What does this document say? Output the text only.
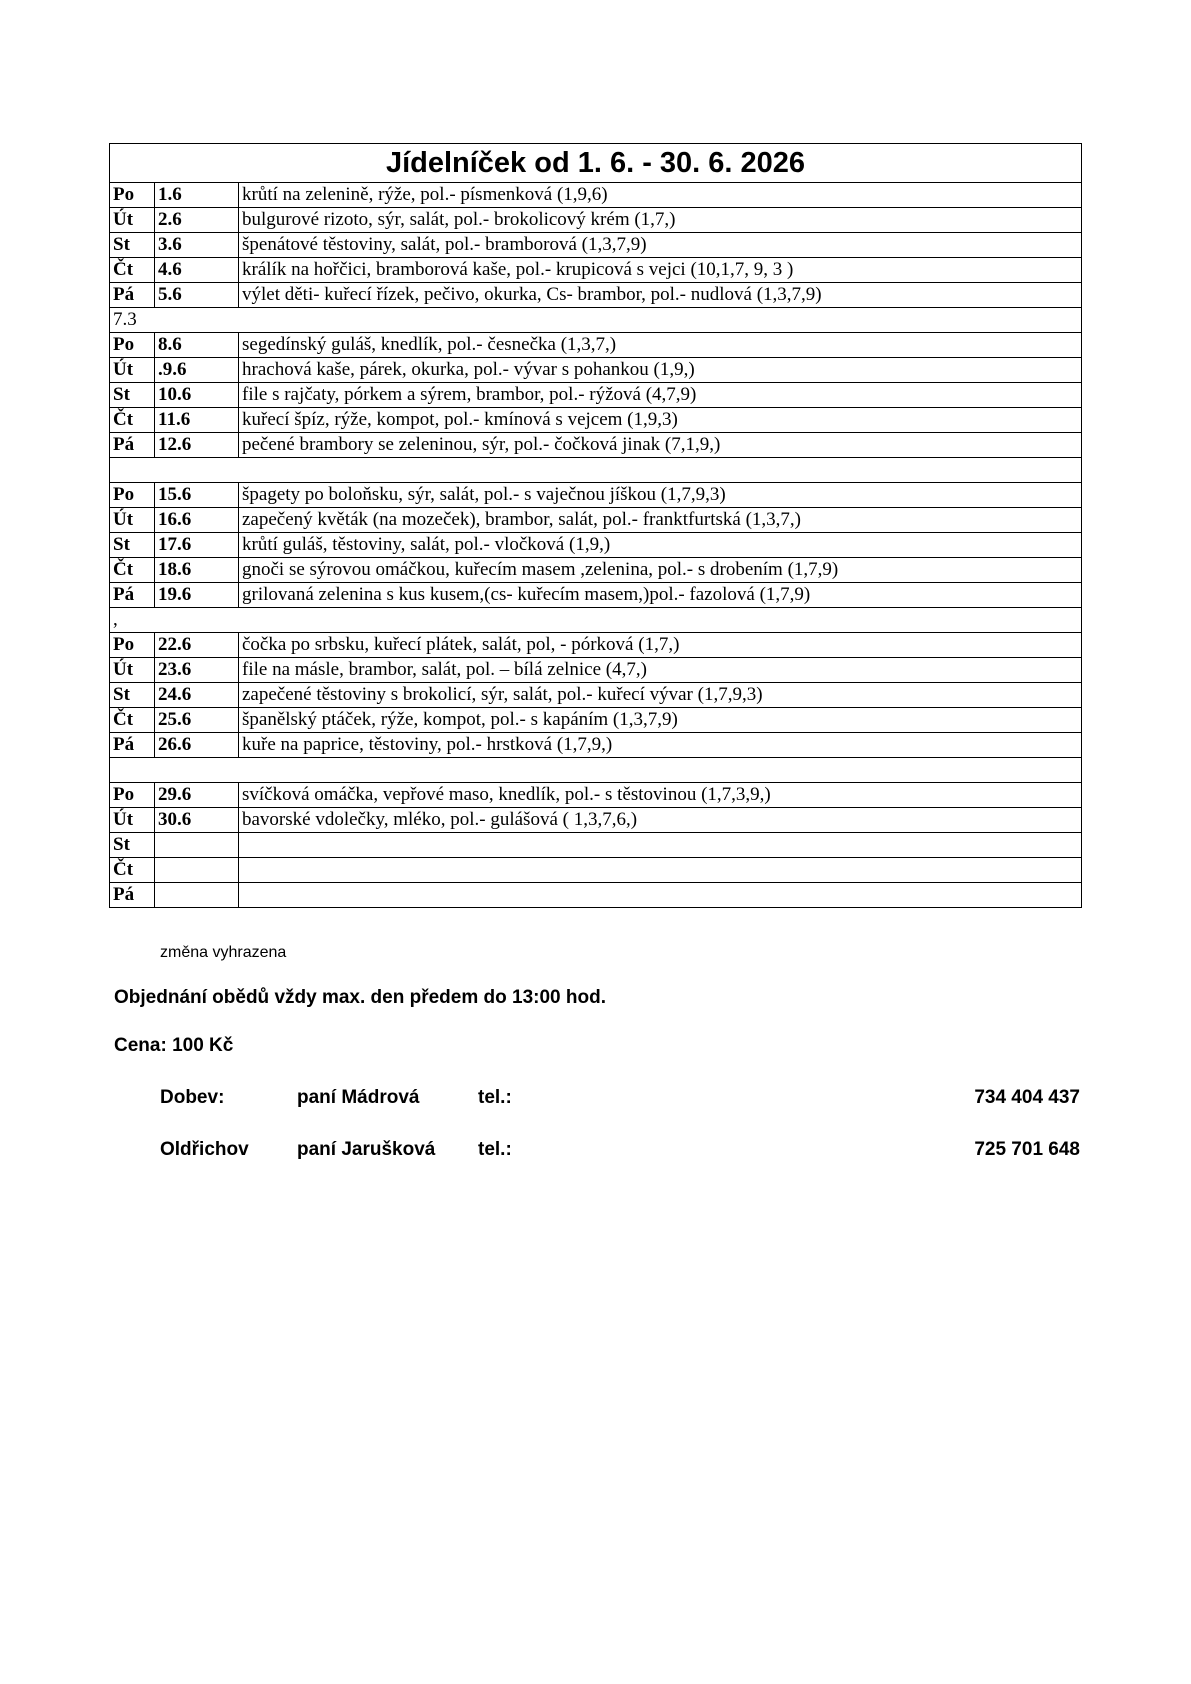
Jídelníček od 1. 6. - 30. 6. 2026		
Po	1.6	krůtí na zelenině, rýže, pol.- písmenková (1,9,6)
Út	2.6	bulgurové rizoto, sýr, salát, pol.- brokolicový krém (1,7,)
St	3.6	špenátové těstoviny, salát, pol.- bramborová (1,3,7,9)
Čt	4.6	králík na hořčici, bramborová kaše, pol.- krupicová s vejci (10,1,7, 9, 3 )
Pá	5.6	výlet děti- kuřecí řízek, pečivo, okurka, Cs- brambor, pol.- nudlová (1,3,7,9)
7.3		
Po	8.6	segedínský guláš, knedlík, pol.- česnečka (1,3,7,)
Út	.9.6	hrachová kaše, párek, okurka, pol.- vývar s pohankou (1,9,)
St	10.6	file s rajčaty, pórkem a sýrem, brambor, pol.- rýžová (4,7,9)
Čt	11.6	kuřecí špíz, rýže, kompot, pol.- kmínová s vejcem (1,9,3)
Pá	12.6	pečené brambory se zeleninou, sýr, pol.- čočková jinak (7,1,9,)

Po	15.6	špagety po boloňsku, sýr, salát, pol.- s vaječnou jíškou (1,7,9,3)
Út	16.6	zapečený květák (na mozeček), brambor, salát, pol.- franktfurtská (1,3,7,)
St	17.6	krůtí guláš, těstoviny, salát, pol.- vločková (1,9,)
Čt	18.6	gnoči se sýrovou omáčkou, kuřecím masem ,zelenina, pol.- s drobením (1,7,9)
Pá	19.6	grilovaná zelenina s kus kusem,(cs- kuřecím masem,)pol.- fazolová (1,7,9)
,		
Po	22.6	čočka po srbsku, kuřecí plátek, salát, pol, - pórková (1,7,)
Út	23.6	file na másle, brambor, salát, pol. – bílá zelnice (4,7,)
St	24.6	zapečené těstoviny s brokolicí, sýr, salát, pol.- kuřecí vývar (1,7,9,3)
Čt	25.6	španělský ptáček, rýže, kompot, pol.- s kapáním (1,3,7,9)
Pá	26.6	kuře na paprice, těstoviny, pol.- hrstková (1,7,9,)

Po	29.6	svíčková omáčka, vepřové maso, knedlík, pol.- s těstovinou (1,7,3,9,)
Út	30.6	bavorské vdolečky, mléko, pol.- gulášová ( 1,3,7,6,)
St		
Čt		
Pá		
změna vyhrazena
Objednání obědů vždy max. den předem do 13:00 hod.
Cena: 100 Kč
Dobev:	paní Mádrová	tel.:	734 404 437
Oldřichov	paní Jarušková tel.:	725 701 648
